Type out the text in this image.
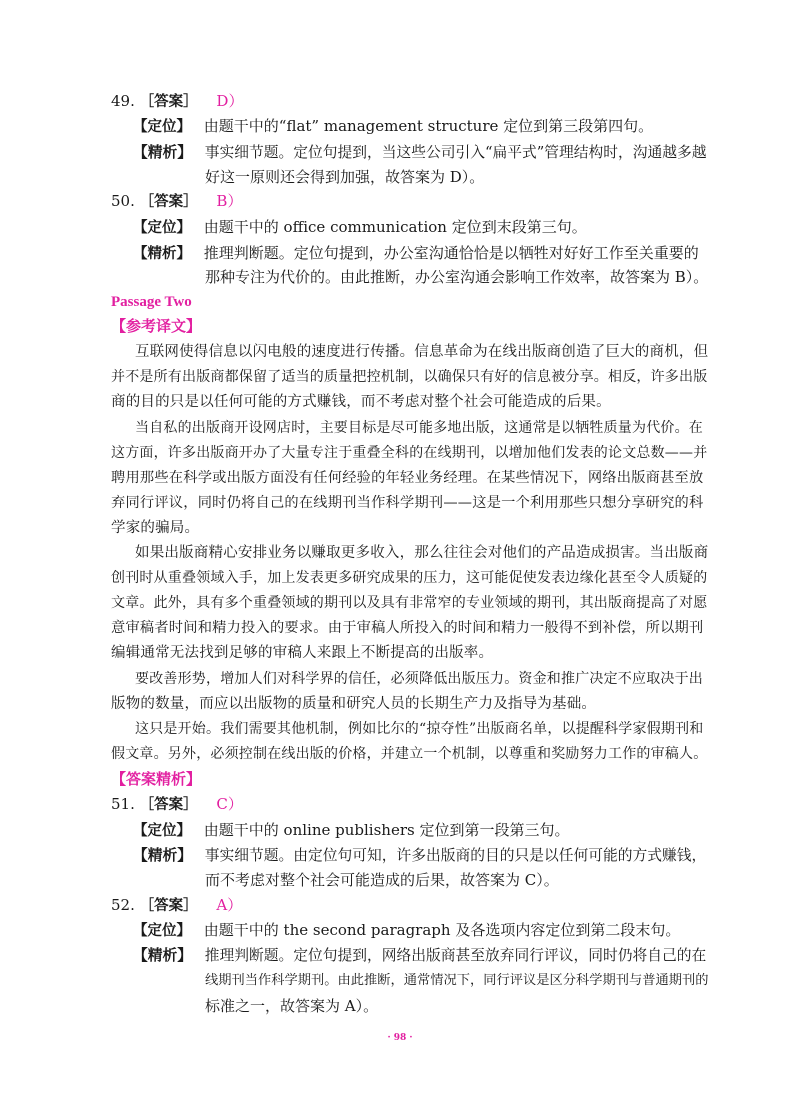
49. ［答案］ D）
【定位】 由题干中的“flat” management structure 定位到第三段第四句。
【精析】 事实细节题。定位句提到，当这些公司引入“扁平式”管理结构时，沟通越多越
好这一原则还会得到加强，故答案为 D）。
50. ［答案］ B）
【定位】 由题干中的 office communication 定位到末段第三句。
【精析】 推理判断题。定位句提到，办公室沟通恰恰是以牺牲对好好工作至关重要的
那种专注为代价的。由此推断，办公室沟通会影响工作效率，故答案为 B）。
Passage Two
【参考译文】
互联网使得信息以闪电般的速度进行传播。信息革命为在线出版商创造了巨大的商机，但
并不是所有出版商都保留了适当的质量把控机制，以确保只有好的信息被分享。相反，许多出版
商的目的只是以任何可能的方式赚钱，而不考虑对整个社会可能造成的后果。
当自私的出版商开设网店时，主要目标是尽可能多地出版，这通常是以牺牲质量为代价。在
这方面，许多出版商开办了大量专注于重叠全科的在线期刊，以增加他们发表的论文总数——并
聘用那些在科学或出版方面没有任何经验的年轻业务经理。在某些情况下，网络出版商甚至放
弃同行评议，同时仍将自己的在线期刊当作科学期刊——这是一个利用那些只想分享研究的科
学家的骗局。
如果出版商精心安排业务以赚取更多收入，那么往往会对他们的产品造成损害。当出版商
创刊时从重叠领域入手，加上发表更多研究成果的压力，这可能促使发表边缘化甚至令人质疑的
文章。此外，具有多个重叠领域的期刊以及具有非常窄的专业领域的期刊，其出版商提高了对愿
意审稿者时间和精力投入的要求。由于审稿人所投入的时间和精力一般得不到补偿，所以期刊
编辑通常无法找到足够的审稿人来跟上不断提高的出版率。
要改善形势，增加人们对科学界的信任，必须降低出版压力。资金和推广决定不应取决于出
版物的数量，而应以出版物的质量和研究人员的长期生产力及指导为基础。
这只是开始。我们需要其他机制，例如比尔的“掠夺性”出版商名单，以提醒科学家假期刊和
假文章。另外，必须控制在线出版的价格，并建立一个机制，以尊重和奖励努力工作的审稿人。
【答案精析】
51. ［答案］ C）
【定位】 由题干中的 online publishers 定位到第一段第三句。
【精析】 事实细节题。由定位句可知，许多出版商的目的只是以任何可能的方式赚钱，
而不考虑对整个社会可能造成的后果，故答案为 C）。
52. ［答案］ A）
【定位】 由题干中的 the second paragraph 及各选项内容定位到第二段末句。
【精析】 推理判断题。定位句提到，网络出版商甚至放弃同行评议，同时仍将自己的在
线期刊当作科学期刊。由此推断，通常情况下，同行评议是区分科学期刊与普通期刊的
标准之一，故答案为 A）。
· 98 ·
